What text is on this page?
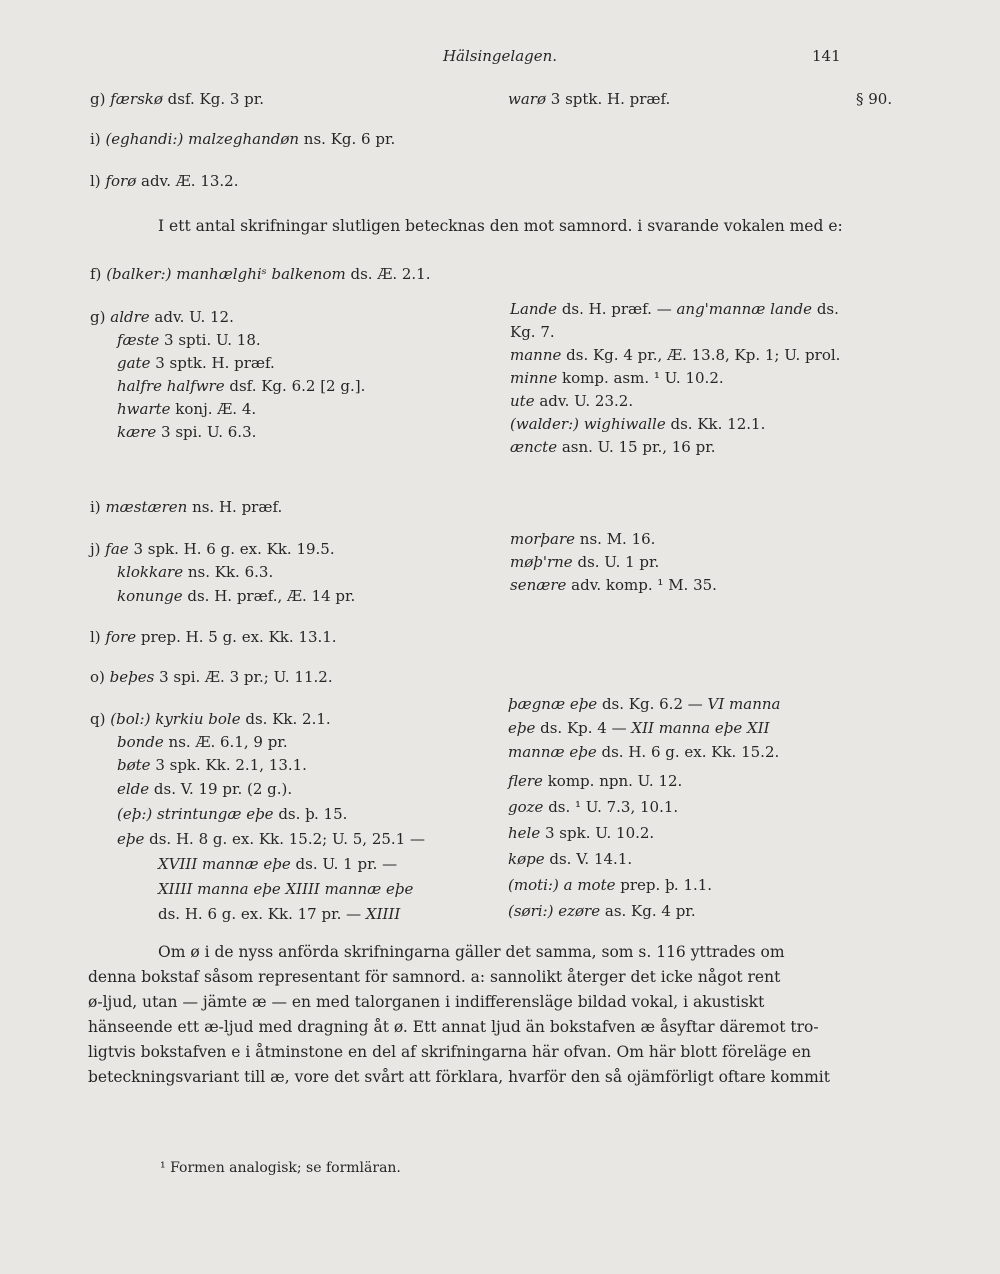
Hälsingelagen.	141
§ 90.
g) færskø dsf. Kg. 3 pr.	warø 3 sptk. H. præf.
i) (eghandi:) malzeghandøn ns. Kg. 6 pr.
l) forø adv. Æ. 13.2.
I ett antal skrifningar slutligen betecknas den mot samnord. i svarande vokalen med e:
f) (balker:) manhælghiˢ balkenom ds. Æ. 2.1.
g) aldre adv. U. 12.
fæste 3 spti. U. 18.
gate 3 sptk. H. præf.
halfre halfwre dsf. Kg. 6.2 [2 g.].
hwarte konj. Æ. 4.
kære 3 spi. U. 6.3.
Lande ds. H. præf. — ang'mannæ lande ds.
Kg. 7.
manne ds. Kg. 4 pr., Æ. 13.8, Kp. 1; U. prol.
minne komp. asm. ¹ U. 10.2.
ute adv. U. 23.2.
(walder:) wighiwalle ds. Kk. 12.1.
æncte asn. U. 15 pr., 16 pr.
i) mæstæren ns. H. præf.
j) fae 3 spk. H. 6 g. ex. Kk. 19.5.
klokkare ns. Kk. 6.3.
konunge ds. H. præf., Æ. 14 pr.
morþare ns. M. 16.
møþ'rne ds. U. 1 pr.
senære adv. komp. ¹ M. 35.
l) fore prep. H. 5 g. ex. Kk. 13.1.
o) beþes 3 spi. Æ. 3 pr.; U. 11.2.
q) (bol:) kyrkiu bole ds. Kk. 2.1.
bonde ns. Æ. 6.1, 9 pr.
bøte 3 spk. Kk. 2.1, 13.1.
elde ds. V. 19 pr. (2 g.).
(eþ:) strintungæ eþe ds. þ. 15.
eþe ds. H. 8 g. ex. Kk. 15.2; U. 5, 25.1 —
XVIII mannæ eþe ds. U. 1 pr. —
XIIII manna eþe XIIII mannæ eþe
ds. H. 6 g. ex. Kk. 17 pr. — XIIII
þægnæ eþe ds. Kg. 6.2 — VI manna
eþe ds. Kp. 4 — XII manna eþe XII
mannæ eþe ds. H. 6 g. ex. Kk. 15.2.
flere komp. npn. U. 12.
goze ds. ¹ U. 7.3, 10.1.
hele 3 spk. U. 10.2.
køpe ds. V. 14.1.
(moti:) a mote prep. þ. 1.1.
(søri:) ezøre as. Kg. 4 pr.

Om ø i de nyss anförda skrifningarna gäller det samma, som s. 116 yttrades om

denna bokstaf såsom representant för samnord. a: sannolikt återger det icke något rent

ø-ljud, utan — jämte æ — en med talorganen i indifferensläge bildad vokal, i akustiskt

hänseende ett æ-ljud med dragning åt ø. Ett annat ljud än bokstafven æ åsyftar däremot tro-

ligtvis bokstafven e i åtminstone en del af skrifningarna här ofvan. Om här blott föreläge en

beteckningsvariant till æ, vore det svårt att förklara, hvarför den så ojämförligt oftare kommit

¹ Formen analogisk; se formläran.
